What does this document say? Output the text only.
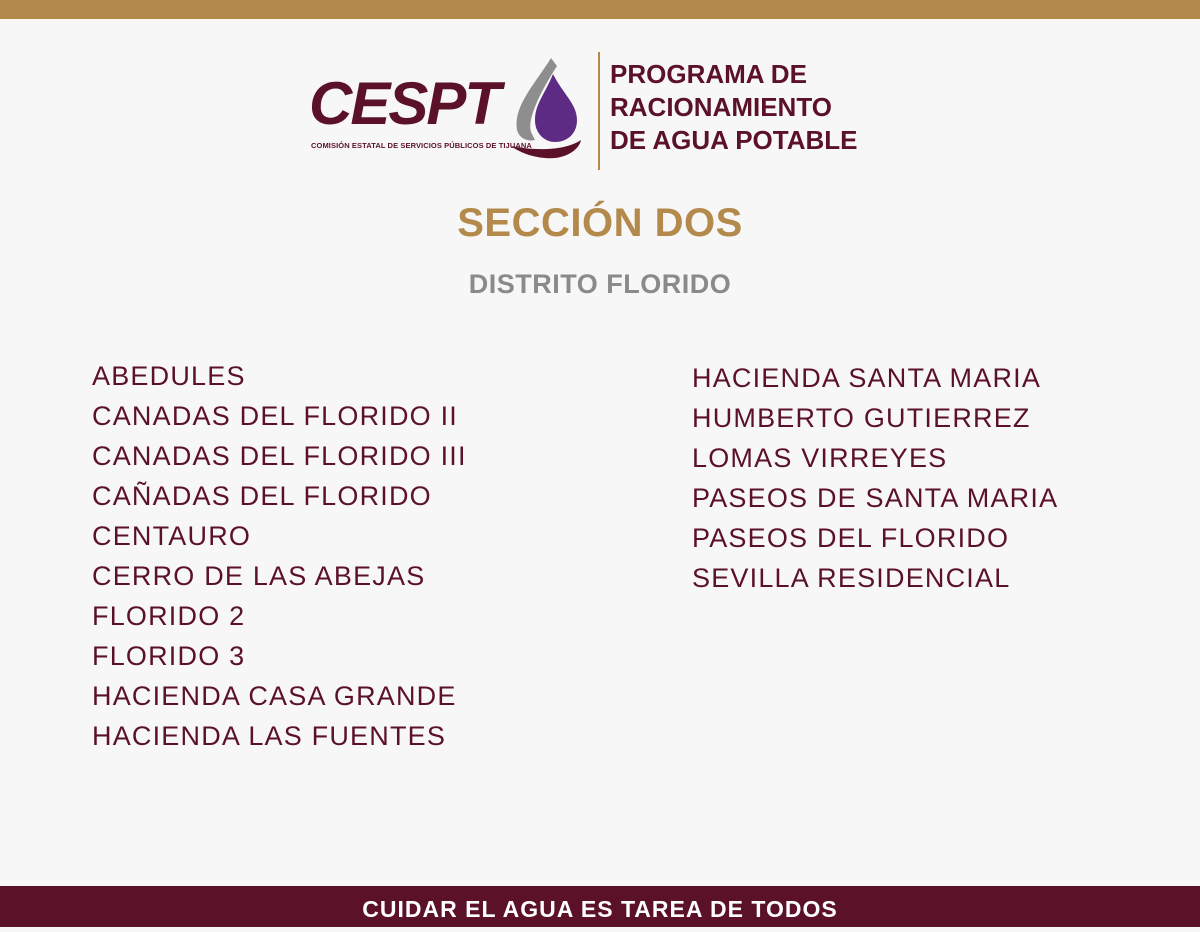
CESPT
COMISIÓN ESTATAL DE SERVICIOS PÚBLICOS DE TIJUANA
PROGRAMA DE
RACIONAMIENTO
DE AGUA POTABLE
SECCIÓN DOS
DISTRITO FLORIDO
ABEDULES
CANADAS DEL FLORIDO II
CANADAS DEL FLORIDO III
CAÑADAS DEL FLORIDO
CENTAURO
CERRO DE LAS ABEJAS
FLORIDO 2
FLORIDO 3
HACIENDA CASA GRANDE
HACIENDA LAS FUENTES
HACIENDA SANTA MARIA
HUMBERTO GUTIERREZ
LOMAS VIRREYES
PASEOS DE SANTA MARIA
PASEOS DEL FLORIDO
SEVILLA RESIDENCIAL
CUIDAR EL AGUA ES TAREA DE TODOS
